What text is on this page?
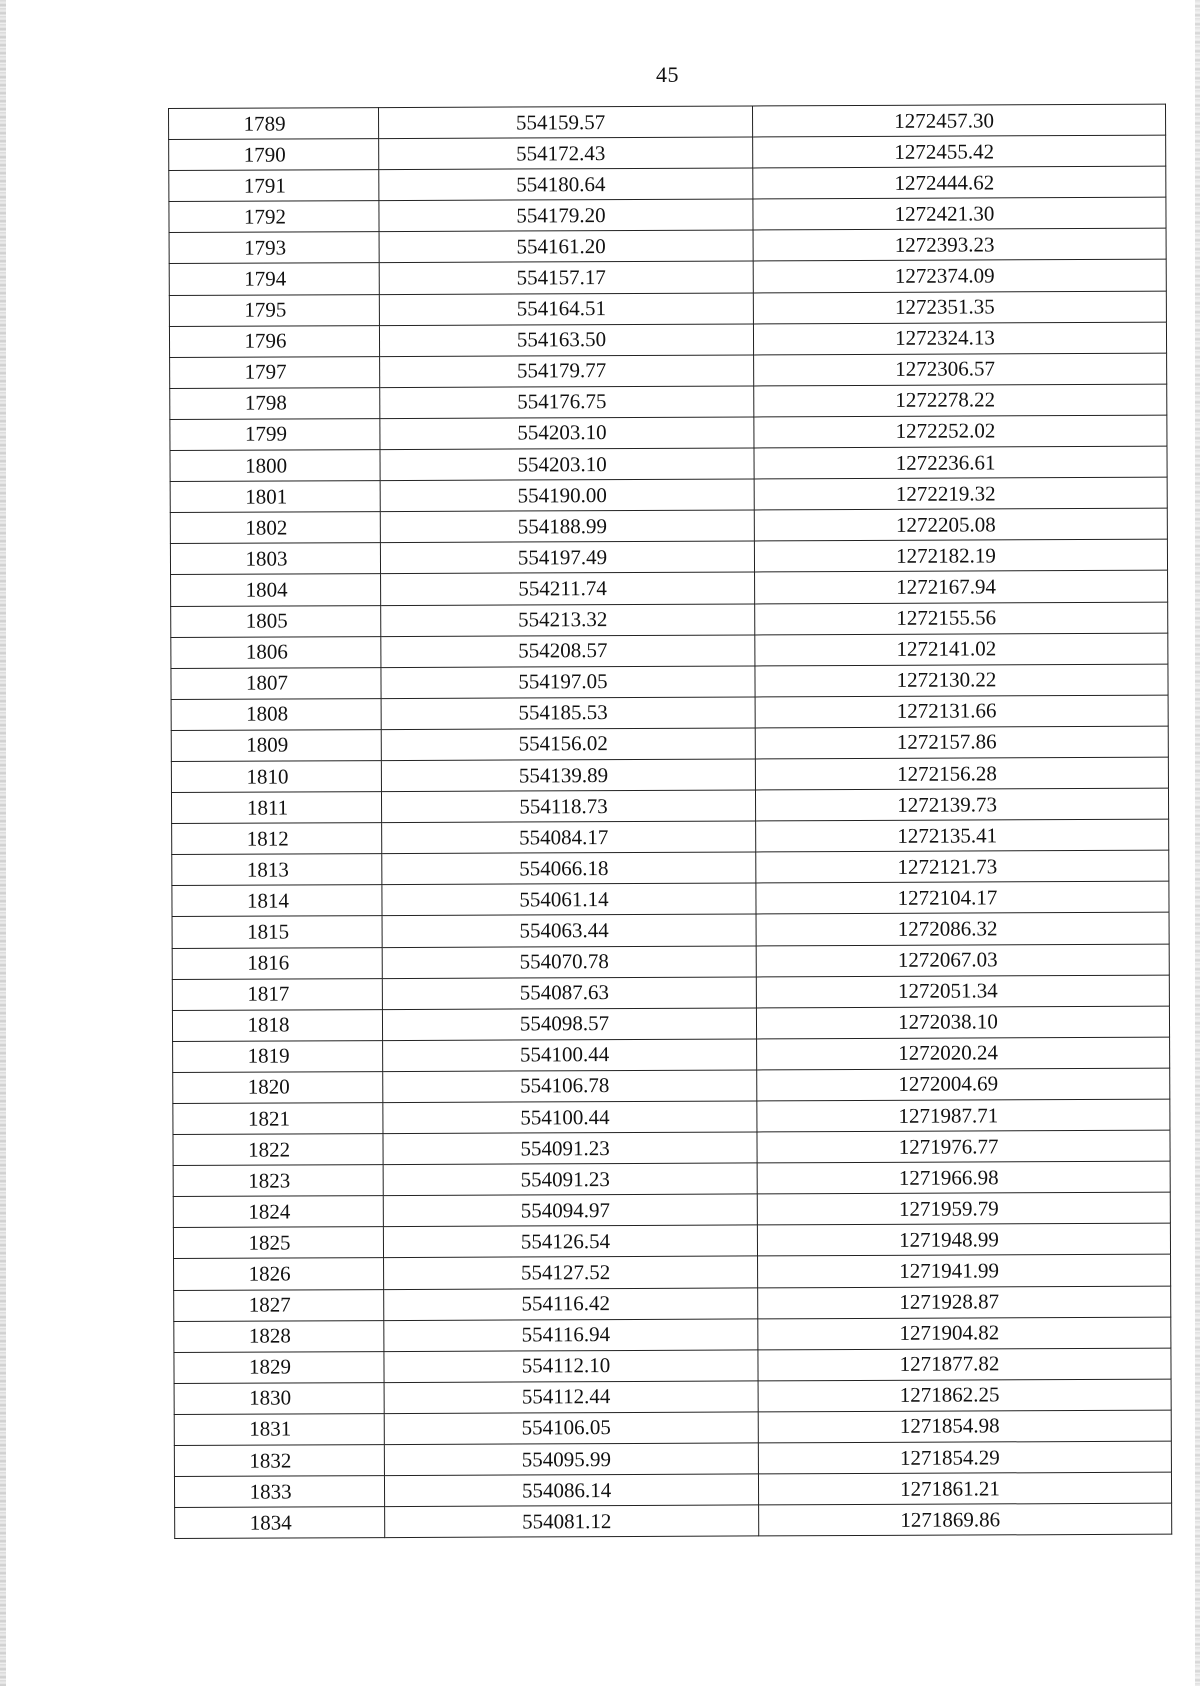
45
1789	554159.57	1272457.30
1790	554172.43	1272455.42
1791	554180.64	1272444.62
1792	554179.20	1272421.30
1793	554161.20	1272393.23
1794	554157.17	1272374.09
1795	554164.51	1272351.35
1796	554163.50	1272324.13
1797	554179.77	1272306.57
1798	554176.75	1272278.22
1799	554203.10	1272252.02
1800	554203.10	1272236.61
1801	554190.00	1272219.32
1802	554188.99	1272205.08
1803	554197.49	1272182.19
1804	554211.74	1272167.94
1805	554213.32	1272155.56
1806	554208.57	1272141.02
1807	554197.05	1272130.22
1808	554185.53	1272131.66
1809	554156.02	1272157.86
1810	554139.89	1272156.28
1811	554118.73	1272139.73
1812	554084.17	1272135.41
1813	554066.18	1272121.73
1814	554061.14	1272104.17
1815	554063.44	1272086.32
1816	554070.78	1272067.03
1817	554087.63	1272051.34
1818	554098.57	1272038.10
1819	554100.44	1272020.24
1820	554106.78	1272004.69
1821	554100.44	1271987.71
1822	554091.23	1271976.77
1823	554091.23	1271966.98
1824	554094.97	1271959.79
1825	554126.54	1271948.99
1826	554127.52	1271941.99
1827	554116.42	1271928.87
1828	554116.94	1271904.82
1829	554112.10	1271877.82
1830	554112.44	1271862.25
1831	554106.05	1271854.98
1832	554095.99	1271854.29
1833	554086.14	1271861.21
1834	554081.12	1271869.86
